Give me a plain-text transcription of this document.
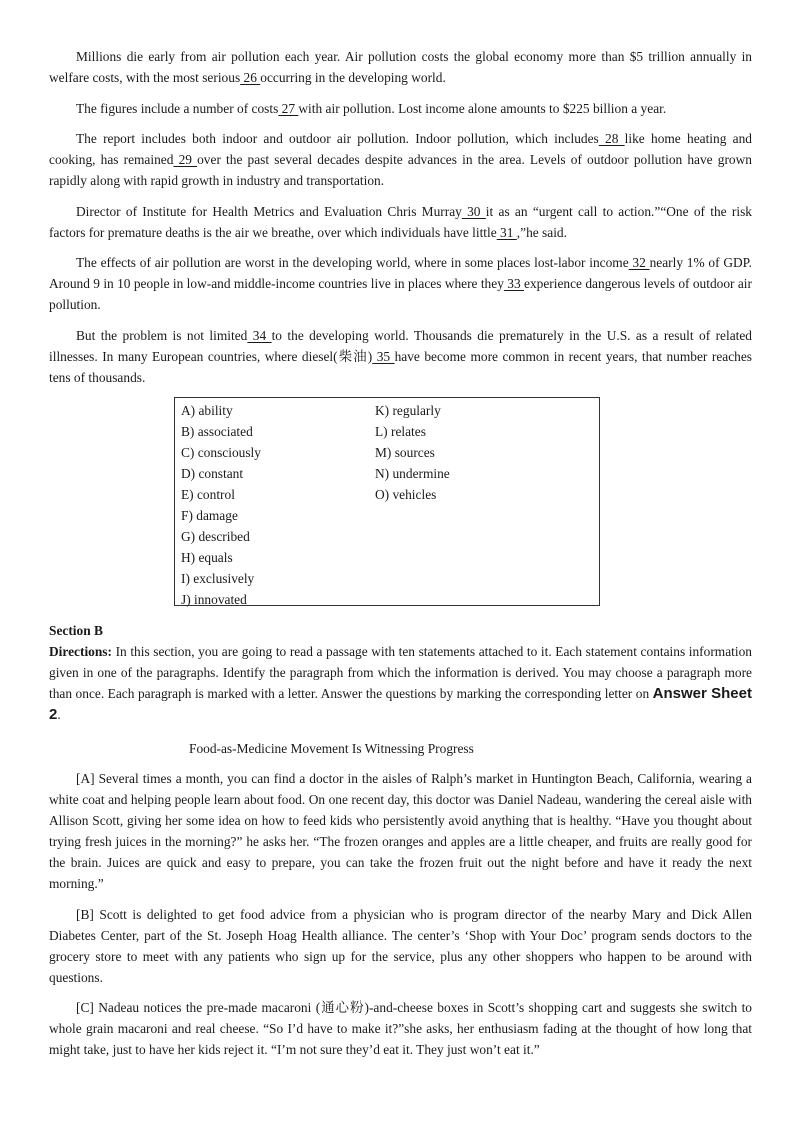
Millions die early from air pollution each year. Air pollution costs the global economy more than $5 trillion annually in welfare costs, with the most serious 26 occurring in the developing world.

The figures include a number of costs 27 with air pollution. Lost income alone amounts to $225 billion a year.

The report includes both indoor and outdoor air pollution. Indoor pollution, which includes 28 like home heating and cooking, has remained 29 over the past several decades despite advances in the area. Levels of outdoor pollution have grown rapidly along with rapid growth in industry and transportation.

Director of Institute for Health Metrics and Evaluation Chris Murray 30 it as an “urgent call to action.”“One of the risk factors for premature deaths is the air we breathe, over which individuals have little 31 ,”he said.

The effects of air pollution are worst in the developing world, where in some places lost-labor income 32 nearly 1% of GDP. Around 9 in 10 people in low-and middle-income countries live in places where they 33 experience dangerous levels of outdoor air pollution.

But the problem is not limited 34 to the developing world. Thousands die prematurely in the U.S. as a result of related illnesses. In many European countries, where diesel(柴油) 35 have become more common in recent years, that number reaches tens of thousands.

A) ability
B) associated
C) consciously
D) constant
E) control
F) damage
G) described
H) equals
I) exclusively
J) innovated
K) regularly
L) relates
M) sources
N) undermine
O) vehicles

Section B

Directions: In this section, you are going to read a passage with ten statements attached to it. Each statement contains information given in one of the paragraphs. Identify the paragraph from which the information is derived. You may choose a paragraph more than once. Each paragraph is marked with a letter. Answer the questions by marking the corresponding letter on Answer Sheet 2.

Food-as-Medicine Movement Is Witnessing Progress

[A] Several times a month, you can find a doctor in the aisles of Ralph’s market in Huntington Beach, California, wearing a white coat and helping people learn about food. On one recent day, this doctor was Daniel Nadeau, wandering the cereal aisle with Allison Scott, giving her some idea on how to feed kids who persistently avoid anything that is healthy. “Have you thought about trying fresh juices in the morning?” he asks her. “The frozen oranges and apples are a little cheaper, and fruits are really good for the brain. Juices are quick and easy to prepare, you can take the frozen fruit out the night before and have it ready the next morning.”

[B] Scott is delighted to get food advice from a physician who is program director of the nearby Mary and Dick Allen Diabetes Center, part of the St. Joseph Hoag Health alliance. The center’s ‘Shop with Your Doc’ program sends doctors to the grocery store to meet with any patients who sign up for the service, plus any other shoppers who happen to be around with questions.

[C] Nadeau notices the pre-made macaroni (通心粉)-and-cheese boxes in Scott’s shopping cart and suggests she switch to whole grain macaroni and real cheese. “So I’d have to make it?”she asks, her enthusiasm fading at the thought of how long that might take, just to have her kids reject it. “I’m not sure they’d eat it. They just won’t eat it.”
